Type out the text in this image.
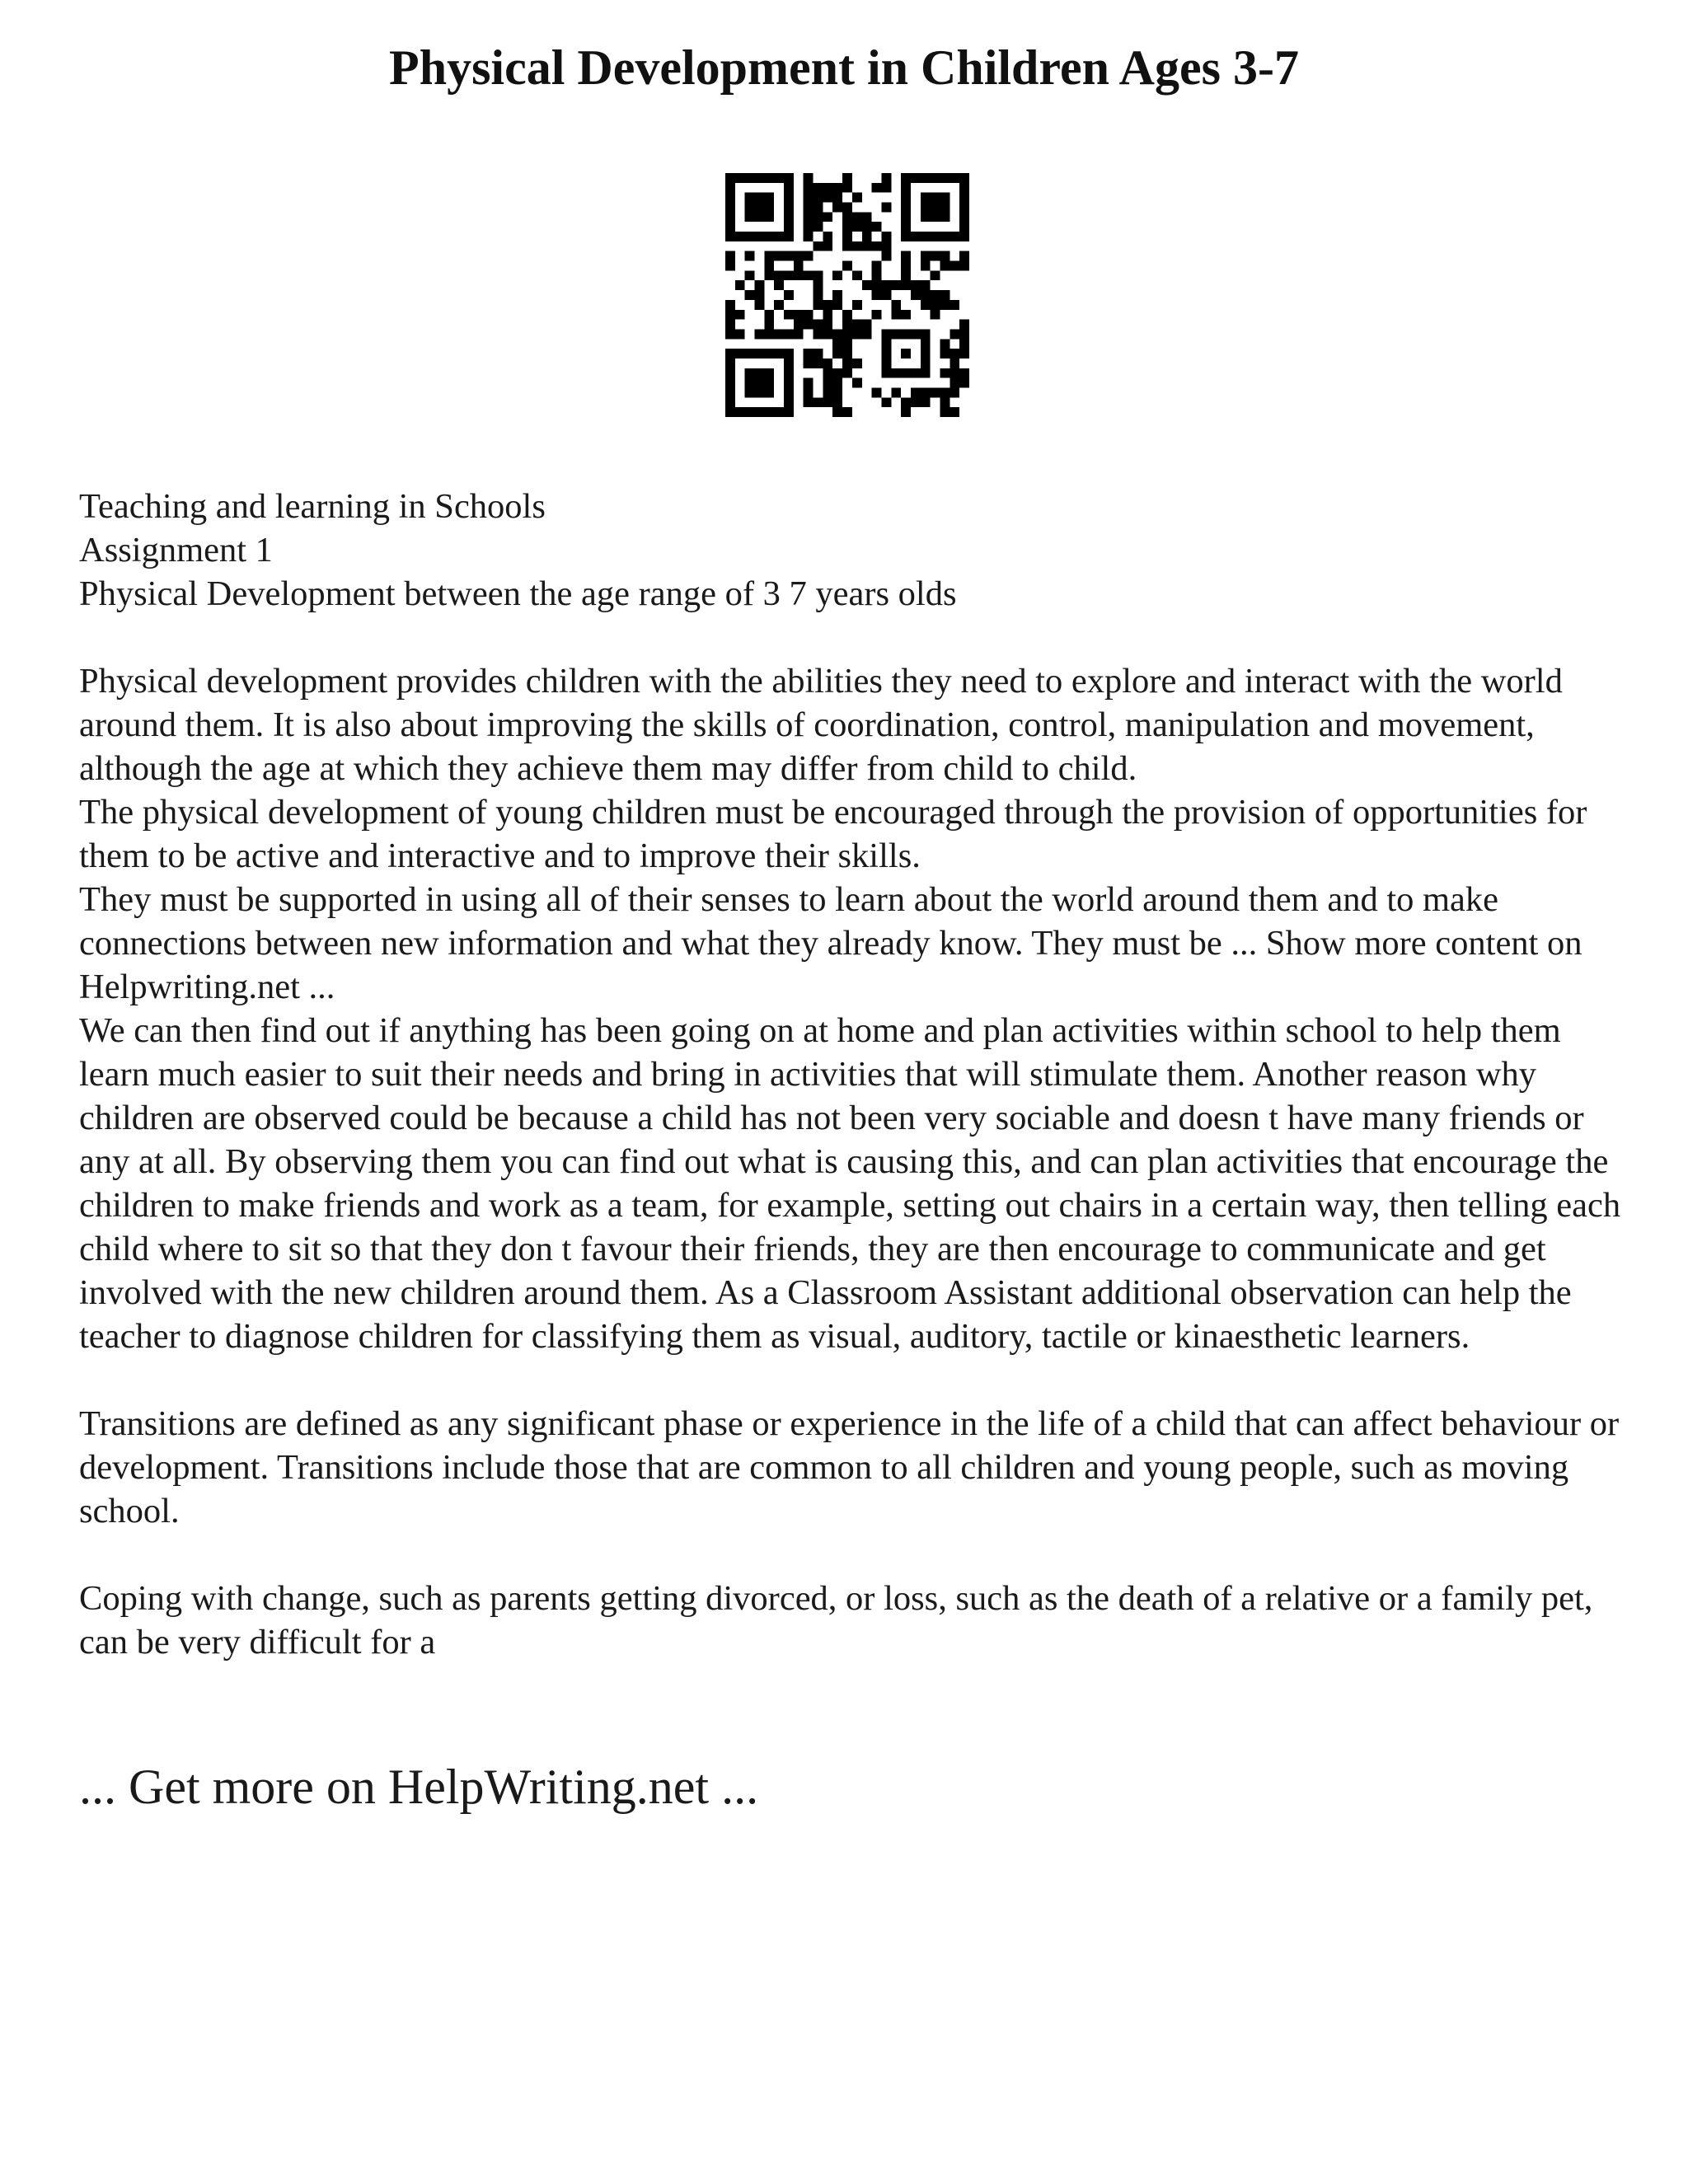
Physical Development in Children Ages 3-7

Teaching and learning in Schools

Assignment 1

Physical Development between the age range of 3 7 years olds

Physical development provides children with the abilities they need to explore and interact with the world around them. It is also about improving the skills of coordination, control, manipulation and movement, although the age at which they achieve them may differ from child to child.

The physical development of young children must be encouraged through the provision of opportunities for them to be active and interactive and to improve their skills.

They must be supported in using all of their senses to learn about the world around them and to make connections between new information and what they already know. They must be ... Show more content on Helpwriting.net ...

We can then find out if anything has been going on at home and plan activities within school to help them learn much easier to suit their needs and bring in activities that will stimulate them. Another reason why children are observed could be because a child has not been very sociable and doesn t have many friends or any at all. By observing them you can find out what is causing this, and can plan activities that encourage the children to make friends and work as a team, for example, setting out chairs in a certain way, then telling each child where to sit so that they don t favour their friends, they are then encourage to communicate and get involved with the new children around them. As a Classroom Assistant additional observation can help the teacher to diagnose children for classifying them as visual, auditory, tactile or kinaesthetic learners.

Transitions are defined as any significant phase or experience in the life of a child that can affect behaviour or development. Transitions include those that are common to all children and young people, such as moving school.

Coping with change, such as parents getting divorced, or loss, such as the death of a relative or a family pet, can be very difficult for a

... Get more on HelpWriting.net ...
